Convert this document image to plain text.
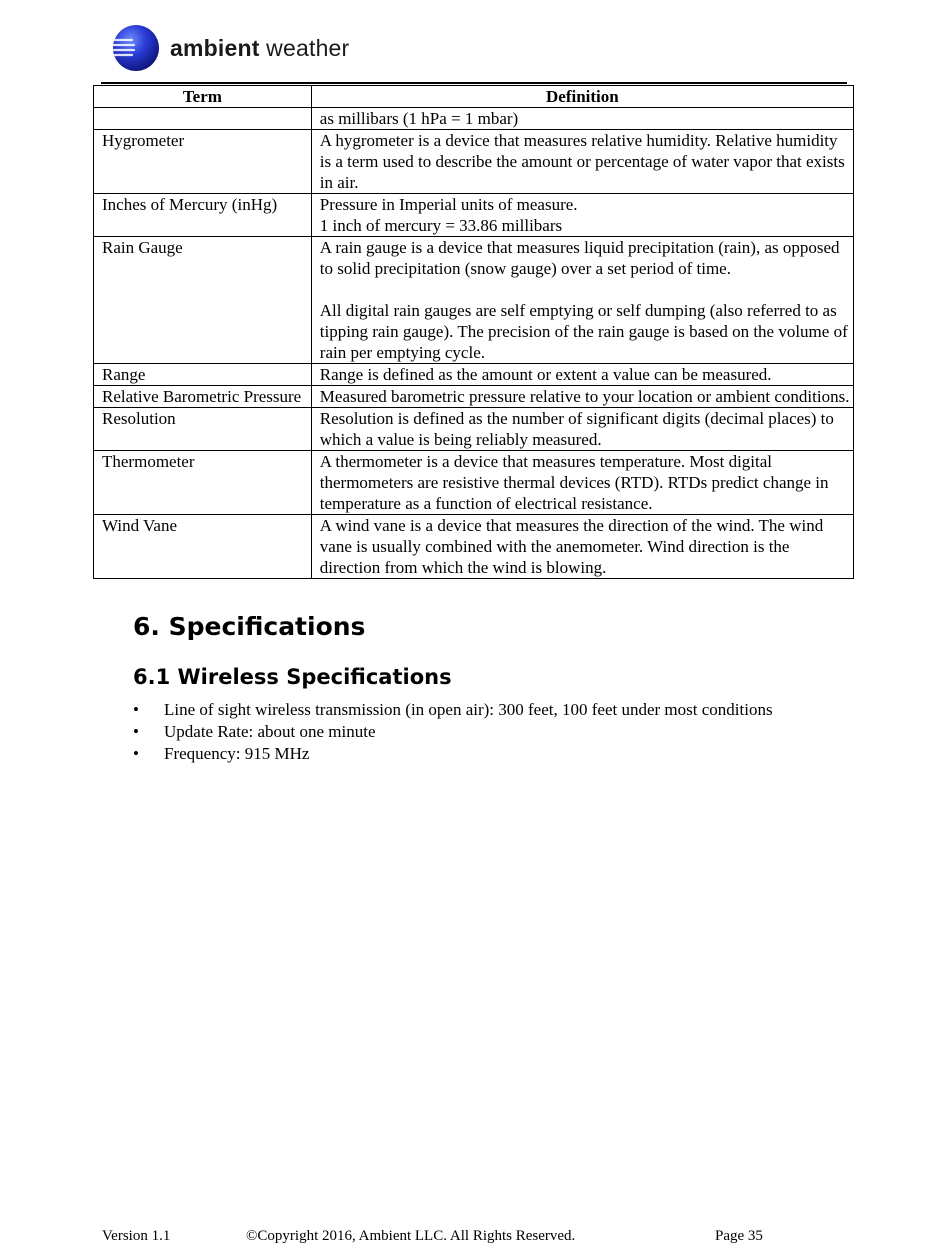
ambient weather
Term	Definition

	as millibars (1 hPa = 1 mbar)

Hygrometer	A hygrometer is a device that measures relative humidity. Relative humidity is a term used to describe the amount or percentage of water vapor that exists in air.

Inches of Mercury (inHg)	Pressure in Imperial units of measure.

1 inch of mercury = 33.86 millibars

Rain Gauge	A rain gauge is a device that measures liquid precipitation (rain), as opposed to solid precipitation (snow gauge) over a set period of time.

All digital rain gauges are self emptying or self dumping (also referred to as tipping rain gauge). The precision of the rain gauge is based on the volume of rain per emptying cycle.

Range	Range is defined as the amount or extent a value can be measured.

Relative Barometric Pressure	Measured barometric pressure relative to your location or ambient conditions.

Resolution	Resolution is defined as the number of significant digits (decimal places) to which a value is being reliably measured.

Thermometer	A thermometer is a device that measures temperature. Most digital thermometers are resistive thermal devices (RTD). RTDs predict change in temperature as a function of electrical resistance.

Wind Vane	A wind vane is a device that measures the direction of the wind. The wind vane is usually combined with the anemometer. Wind direction is the direction from which the wind is blowing.

6. Specifications
6.1 Wireless Specifications
• Line of sight wireless transmission (in open air): 300 feet, 100 feet under most conditions
• Update Rate: about one minute
• Frequency: 915 MHz
Version 1.1	©Copyright 2016, Ambient LLC. All Rights Reserved.	Page 35
